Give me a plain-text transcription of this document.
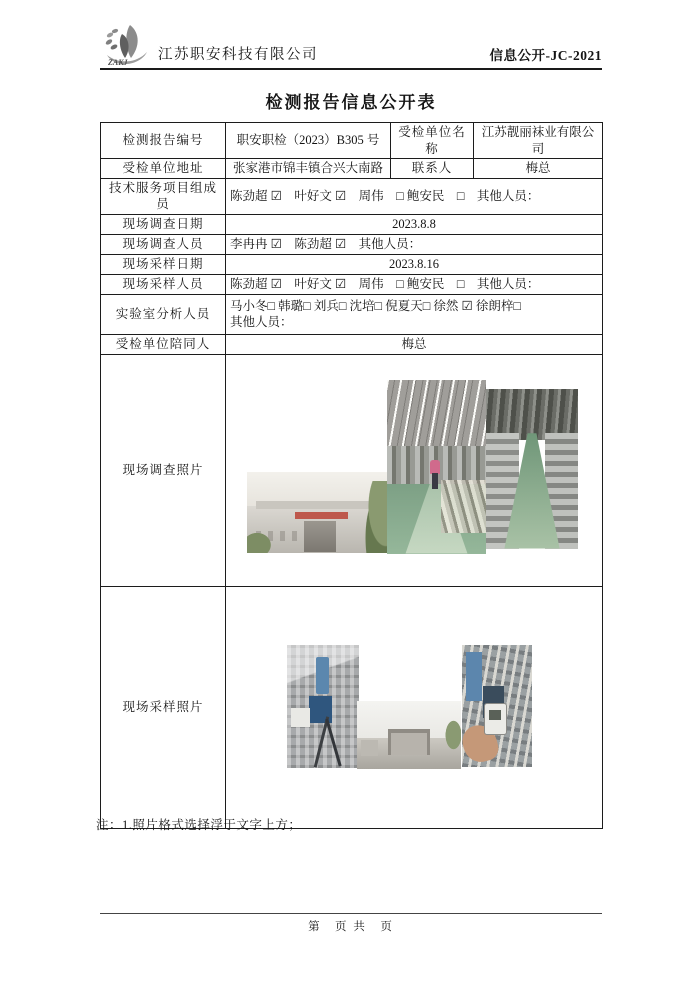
ZAKJ 江苏职安科技有限公司	信息公开-JC-2021
检测报告信息公开表
检测报告编号	职安职检（2023）B305 号	受检单位名称	江苏靓丽袜业有限公司
受检单位地址	张家港市锦丰镇合兴大南路	联系人	梅总
技术服务项目组成员	陈劲超 ☑　叶好文 ☑　周伟　□ 鲍安民　□　其他人员：		
现场调查日期	2023.8.8		
现场调查人员	李冉冉 ☑　陈劲超 ☑　其他人员：		
现场采样日期	2023.8.16		
现场采样人员	陈劲超 ☑　叶好文 ☑　周伟　□ 鲍安民　□　其他人员：		
实验室分析人员	马小冬□ 韩璐□ 刘兵□ 沈培□ 倪夏天□ 徐然 ☑ 徐朗梓□
其他人员：		

受检单位陪同人	梅总		
现场调查照片			

现场采样照片			
注：1.照片格式选择浮于文字上方；
第　页 共　页
